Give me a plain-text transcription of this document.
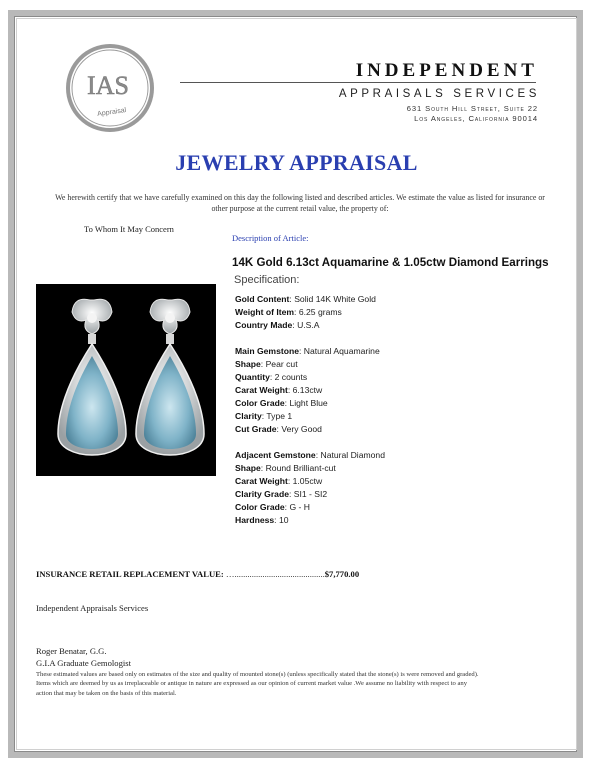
IAS
Appraisal
INDEPENDENT
APPRAISALS SERVICES
631 South Hill Street, Suite 22
Los Angeles, California 90014
JEWELRY APPRAISAL
We herewith certify that we have carefully examined on this day the following listed and described articles. We estimate the value as listed for insurance or other purpose at the current retail value, the property of:
To Whom It May Concern
Description of Article:
14K Gold 6.13ct Aquamarine & 1.05ctw Diamond Earrings
Specification:
Gold Content: Solid 14K White Gold
Weight of Item: 6.25 grams
Country Made: U.S.A
Main Gemstone: Natural Aquamarine
Shape: Pear cut
Quantity: 2 counts
Carat Weight: 6.13ctw
Color Grade: Light Blue
Clarity: Type 1
Cut Grade: Very Good
Adjacent Gemstone: Natural Diamond
Shape: Round Brilliant-cut
Carat Weight: 1.05ctw
Clarity Grade: SI1 - SI2
Color Grade: G - H
Hardness: 10
INSURANCE RETAIL REPLACEMENT VALUE: …..........................................$7,770.00
Independent Appraisals Services
Roger Benatar, G.G.
G.I.A Graduate Gemologist
These estimated values are based only on estimates of the size and quality of mounted stone(s) (unless specifically stated that the stone(s) is were removed and graded). Items which are deemed by us as irreplaceable or antique in nature are expressed as our opinion of current market value .We assume no liability with respect to any action that may be taken on the basis of this material.
